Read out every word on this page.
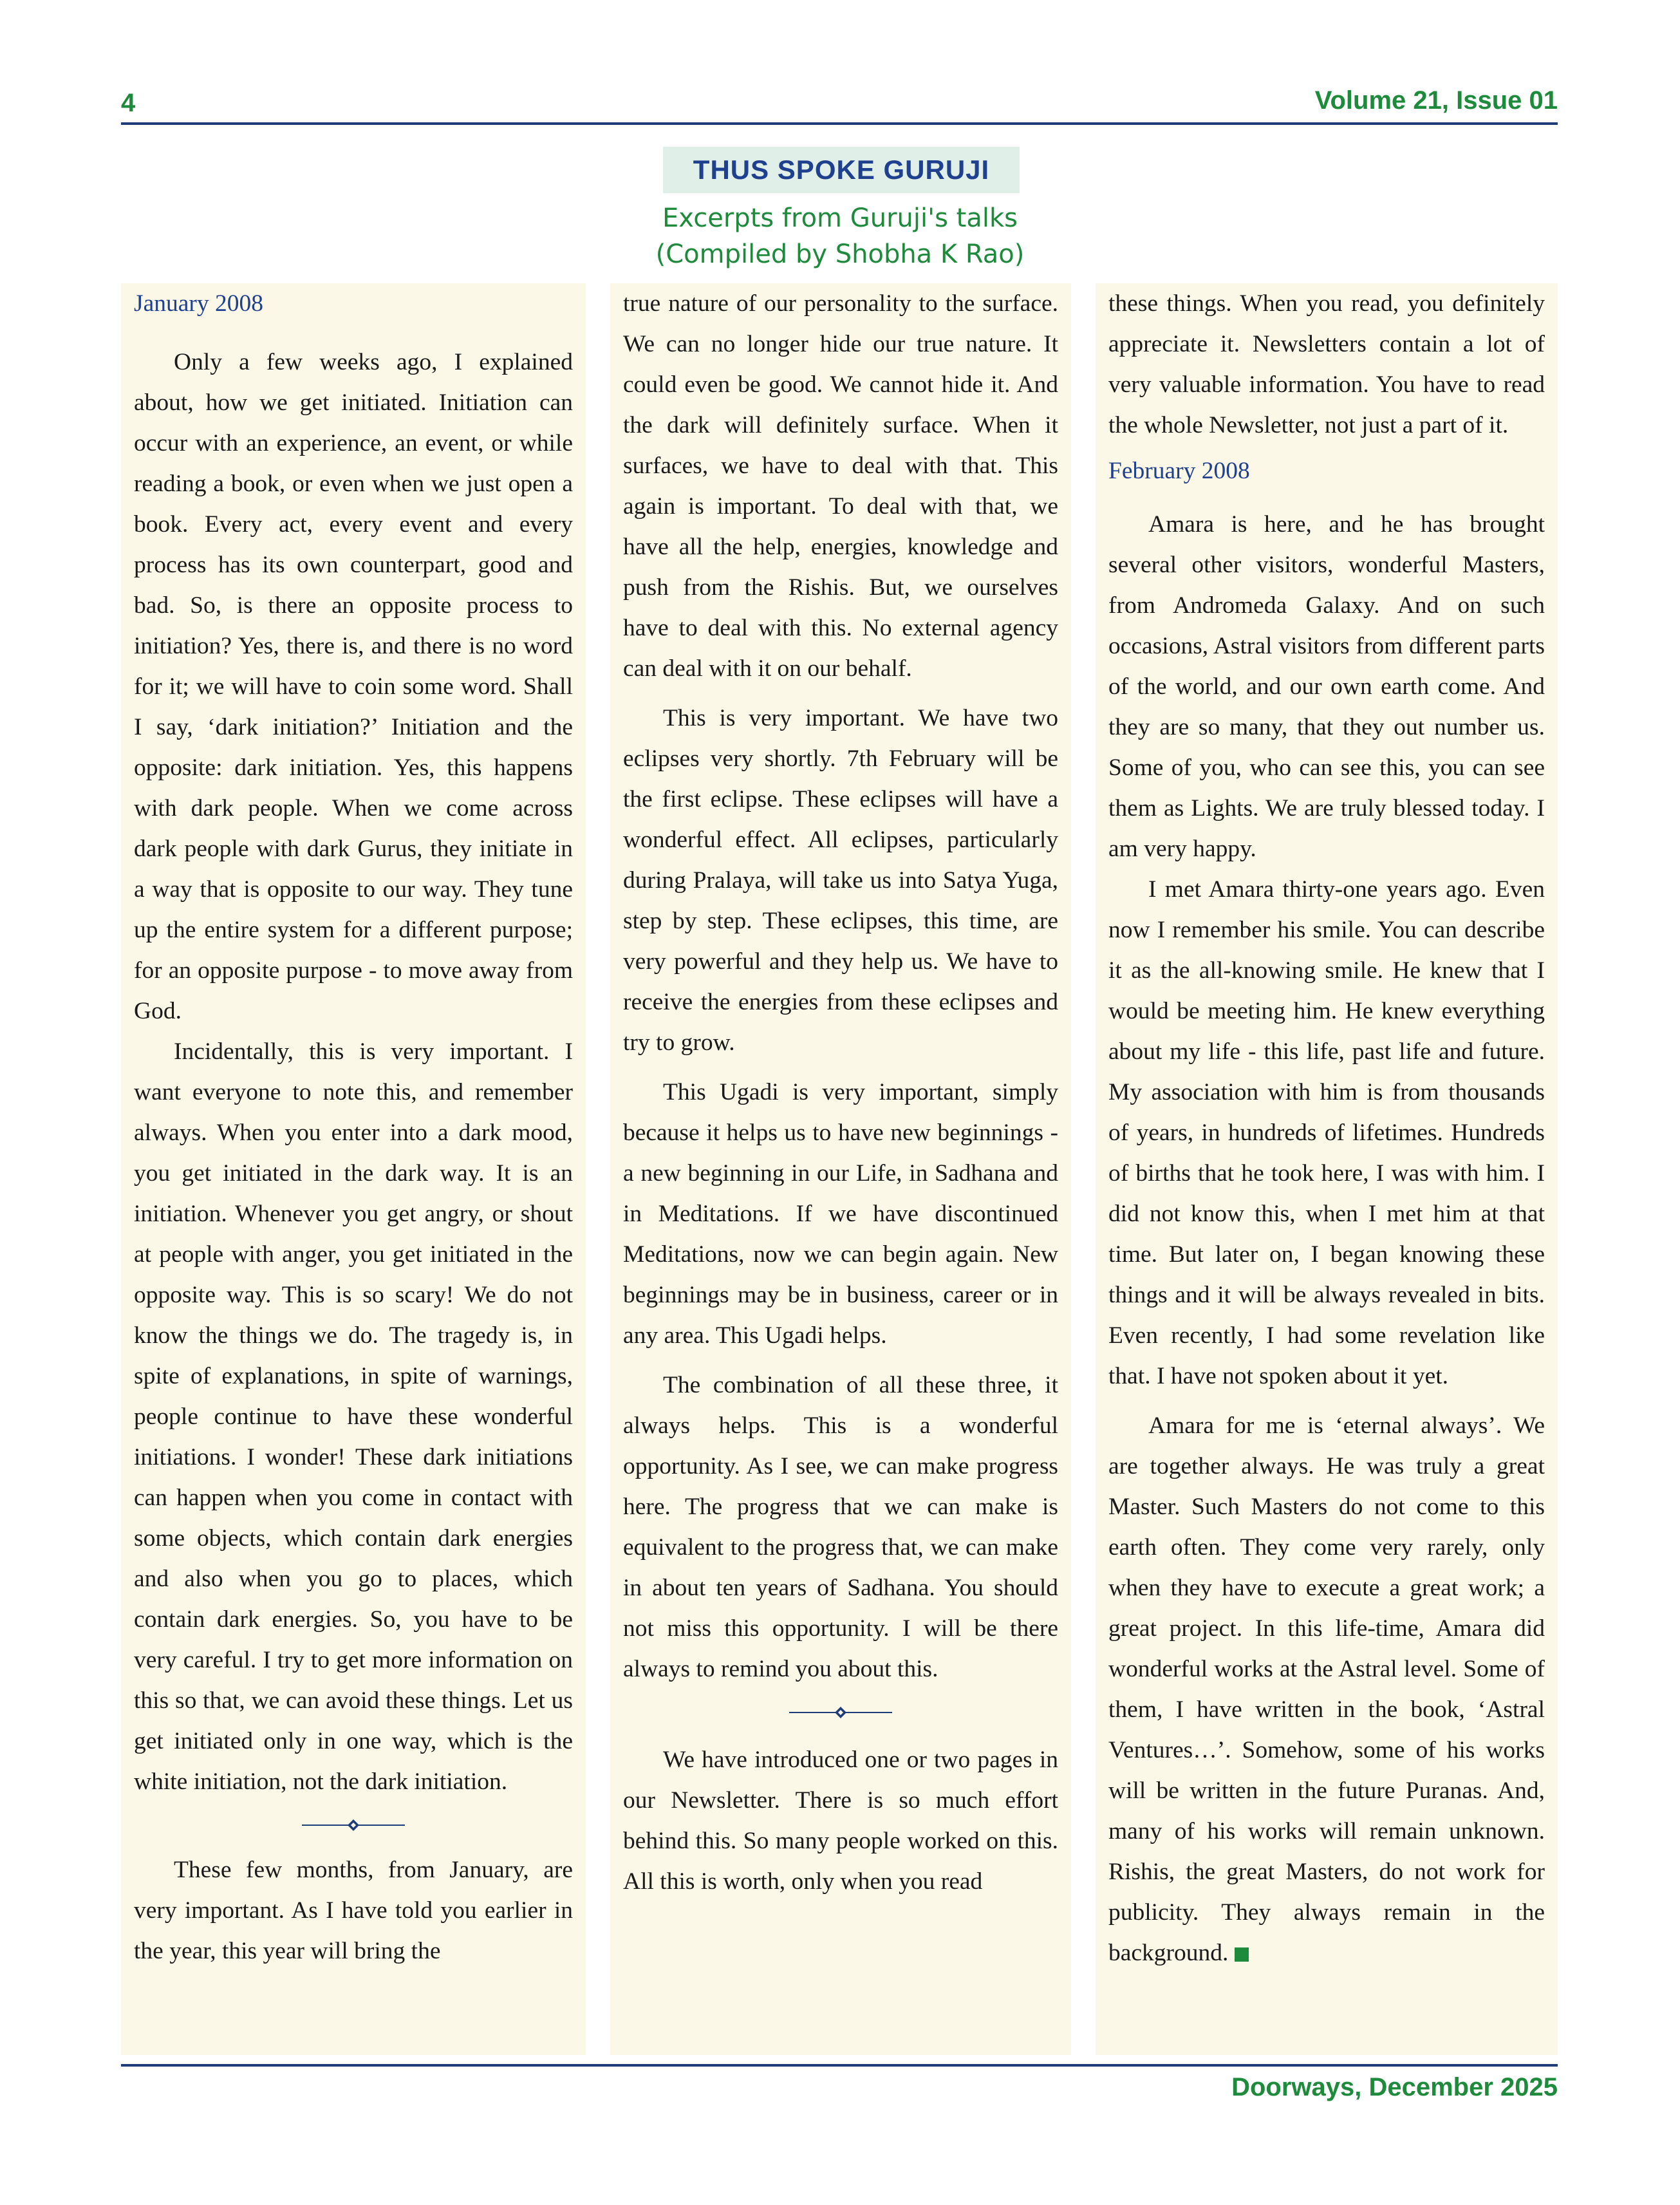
4	Volume 21, Issue 01
THUS SPOKE GURUJI
Excerpts from Guruji's talks
(Compiled by Shobha K Rao)

January 2008

Only a few weeks ago, I explained about, how we get initiated. Initiation can occur with an experience, an event, or while reading a book, or even when we just open a book. Every act, every event and every process has its own counterpart, good and bad. So, is there an opposite process to initiation? Yes, there is, and there is no word for it; we will have to coin some word. Shall I say, ‘dark initiation?’ Initiation and the opposite: dark initiation. Yes, this happens with dark people. When we come across dark people with dark Gurus, they initiate in a way that is opposite to our way. They tune up the entire system for a different purpose; for an opposite purpose - to move away from God.

Incidentally, this is very important. I want everyone to note this, and remember always. When you enter into a dark mood, you get initiated in the dark way. It is an initiation. Whenever you get angry, or shout at people with anger, you get initiated in the opposite way. This is so scary! We do not know the things we do. The tragedy is, in spite of explanations, in spite of warnings, people continue to have these wonderful initiations. I wonder! These dark initiations can happen when you come in contact with some objects, which contain dark energies and also when you go to places, which contain dark energies. So, you have to be very careful. I try to get more information on this so that, we can avoid these things. Let us get initiated only in one way, which is the white initiation, not the dark initiation.

These few months, from January, are very important. As I have told you earlier in the year, this year will bring the

true nature of our personality to the surface. We can no longer hide our true nature. It could even be good. We cannot hide it. And the dark will definitely surface. When it surfaces, we have to deal with that. This again is important. To deal with that, we have all the help, energies, knowledge and push from the Rishis. But, we ourselves have to deal with this. No external agency can deal with it on our behalf.

This is very important. We have two eclipses very shortly. 7th February will be the first eclipse. These eclipses will have a wonderful effect. All eclipses, particularly during Pralaya, will take us into Satya Yuga, step by step. These eclipses, this time, are very powerful and they help us. We have to receive the energies from these eclipses and try to grow.

This Ugadi is very important, simply because it helps us to have new beginnings - a new beginning in our Life, in Sadhana and in Meditations. If we have discontinued Meditations, now we can begin again. New beginnings may be in business, career or in any area. This Ugadi helps.

The combination of all these three, it always helps. This is a wonderful opportunity. As I see, we can make progress here. The progress that we can make is equivalent to the progress that, we can make in about ten years of Sadhana. You should not miss this opportunity. I will be there always to remind you about this.

We have introduced one or two pages in our Newsletter. There is so much effort behind this. So many people worked on this. All this is worth, only when you read

these things. When you read, you definitely appreciate it. Newsletters contain a lot of very valuable information. You have to read the whole Newsletter, not just a part of it.

February 2008

Amara is here, and he has brought several other visitors, wonderful Masters, from Andromeda Galaxy. And on such occasions, Astral visitors from different parts of the world, and our own earth come. And they are so many, that they out number us. Some of you, who can see this, you can see them as Lights. We are truly blessed today. I am very happy.

I met Amara thirty-one years ago. Even now I remember his smile. You can describe it as the all-knowing smile. He knew that I would be meeting him. He knew everything about my life - this life, past life and future. My association with him is from thousands of years, in hundreds of lifetimes. Hundreds of births that he took here, I was with him. I did not know this, when I met him at that time. But later on, I began knowing these things and it will be always revealed in bits. Even recently, I had some revelation like that. I have not spoken about it yet.

Amara for me is ‘eternal always’. We are together always. He was truly a great Master. Such Masters do not come to this earth often. They come very rarely, only when they have to execute a great work; a great project. In this life-time, Amara did wonderful works at the Astral level. Some of them, I have written in the book, ‘Astral Ventures…’. Somehow, some of his works will be written in the future Puranas. And, many of his works will remain unknown. Rishis, the great Masters, do not work for publicity. They always remain in the background.

Doorways, December 2025
